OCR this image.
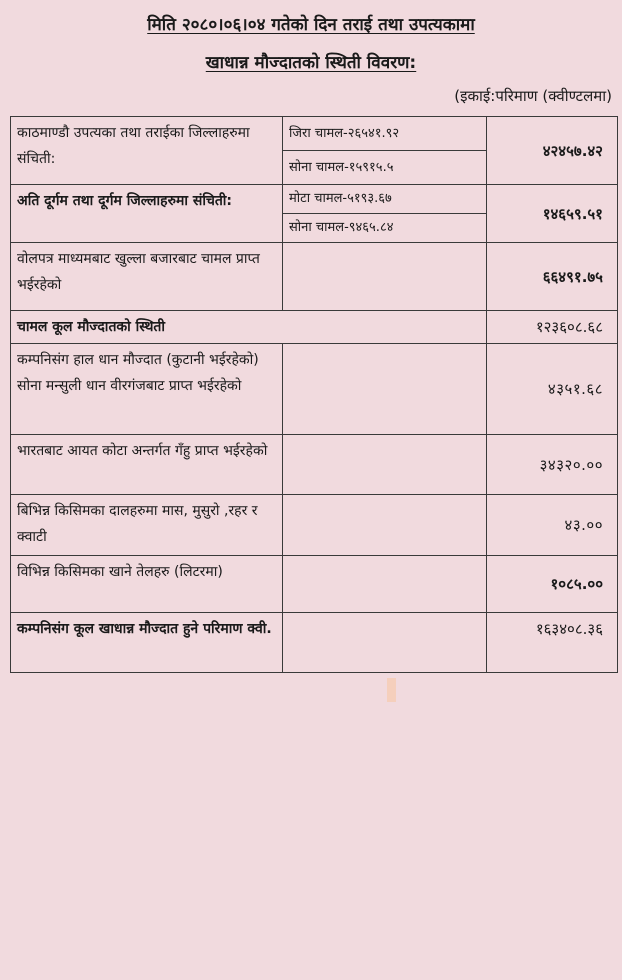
मिति २०८०।०६।०४ गतेको दिन तराई तथा उपत्यकामा
खाधान्न मौज्दातको स्थिती विवरण:
(इकाई:परिमाण (क्वीण्टलमा)
काठमाण्डौ उपत्यका तथा तराईका जिल्लाहरुमा संचिती:	जिरा चामल-२६५४१.९२	४२४५७.४२
	सोना चामल-१५९१५.५	
अति दूर्गम तथा दूर्गम जिल्लाहरुमा संचिती:	मोटा चामल-५१९३.६७	१४६५९.५१
	सोना चामल-९४६५.८४	
वोलपत्र माध्यमबाट खुल्ला बजारबाट चामल प्राप्त भईरहेको		६६४९१.७५
चामल कूल मौज्दातको स्थिती		१२३६०८.६८
कम्पनिसंग हाल धान मौज्दात (कुटानी भईरहेको) सोना मन्सुली धान वीरगंजबाट प्राप्त भईरहेको		४३५१.६८
भारतबाट आयत कोटा अन्तर्गत गँहु प्राप्त भईरहेको		३४३२०.००
बिभिन्न किसिमका दालहरुमा मास, मुसुरो ,रहर र क्वाटी		४३.००
विभिन्न किसिमका खाने तेलहरु (लिटरमा)		१०८५.००
कम्पनिसंग कूल खाधान्न मौज्दात हुने परिमाण क्वी.		१६३४०८.३६
